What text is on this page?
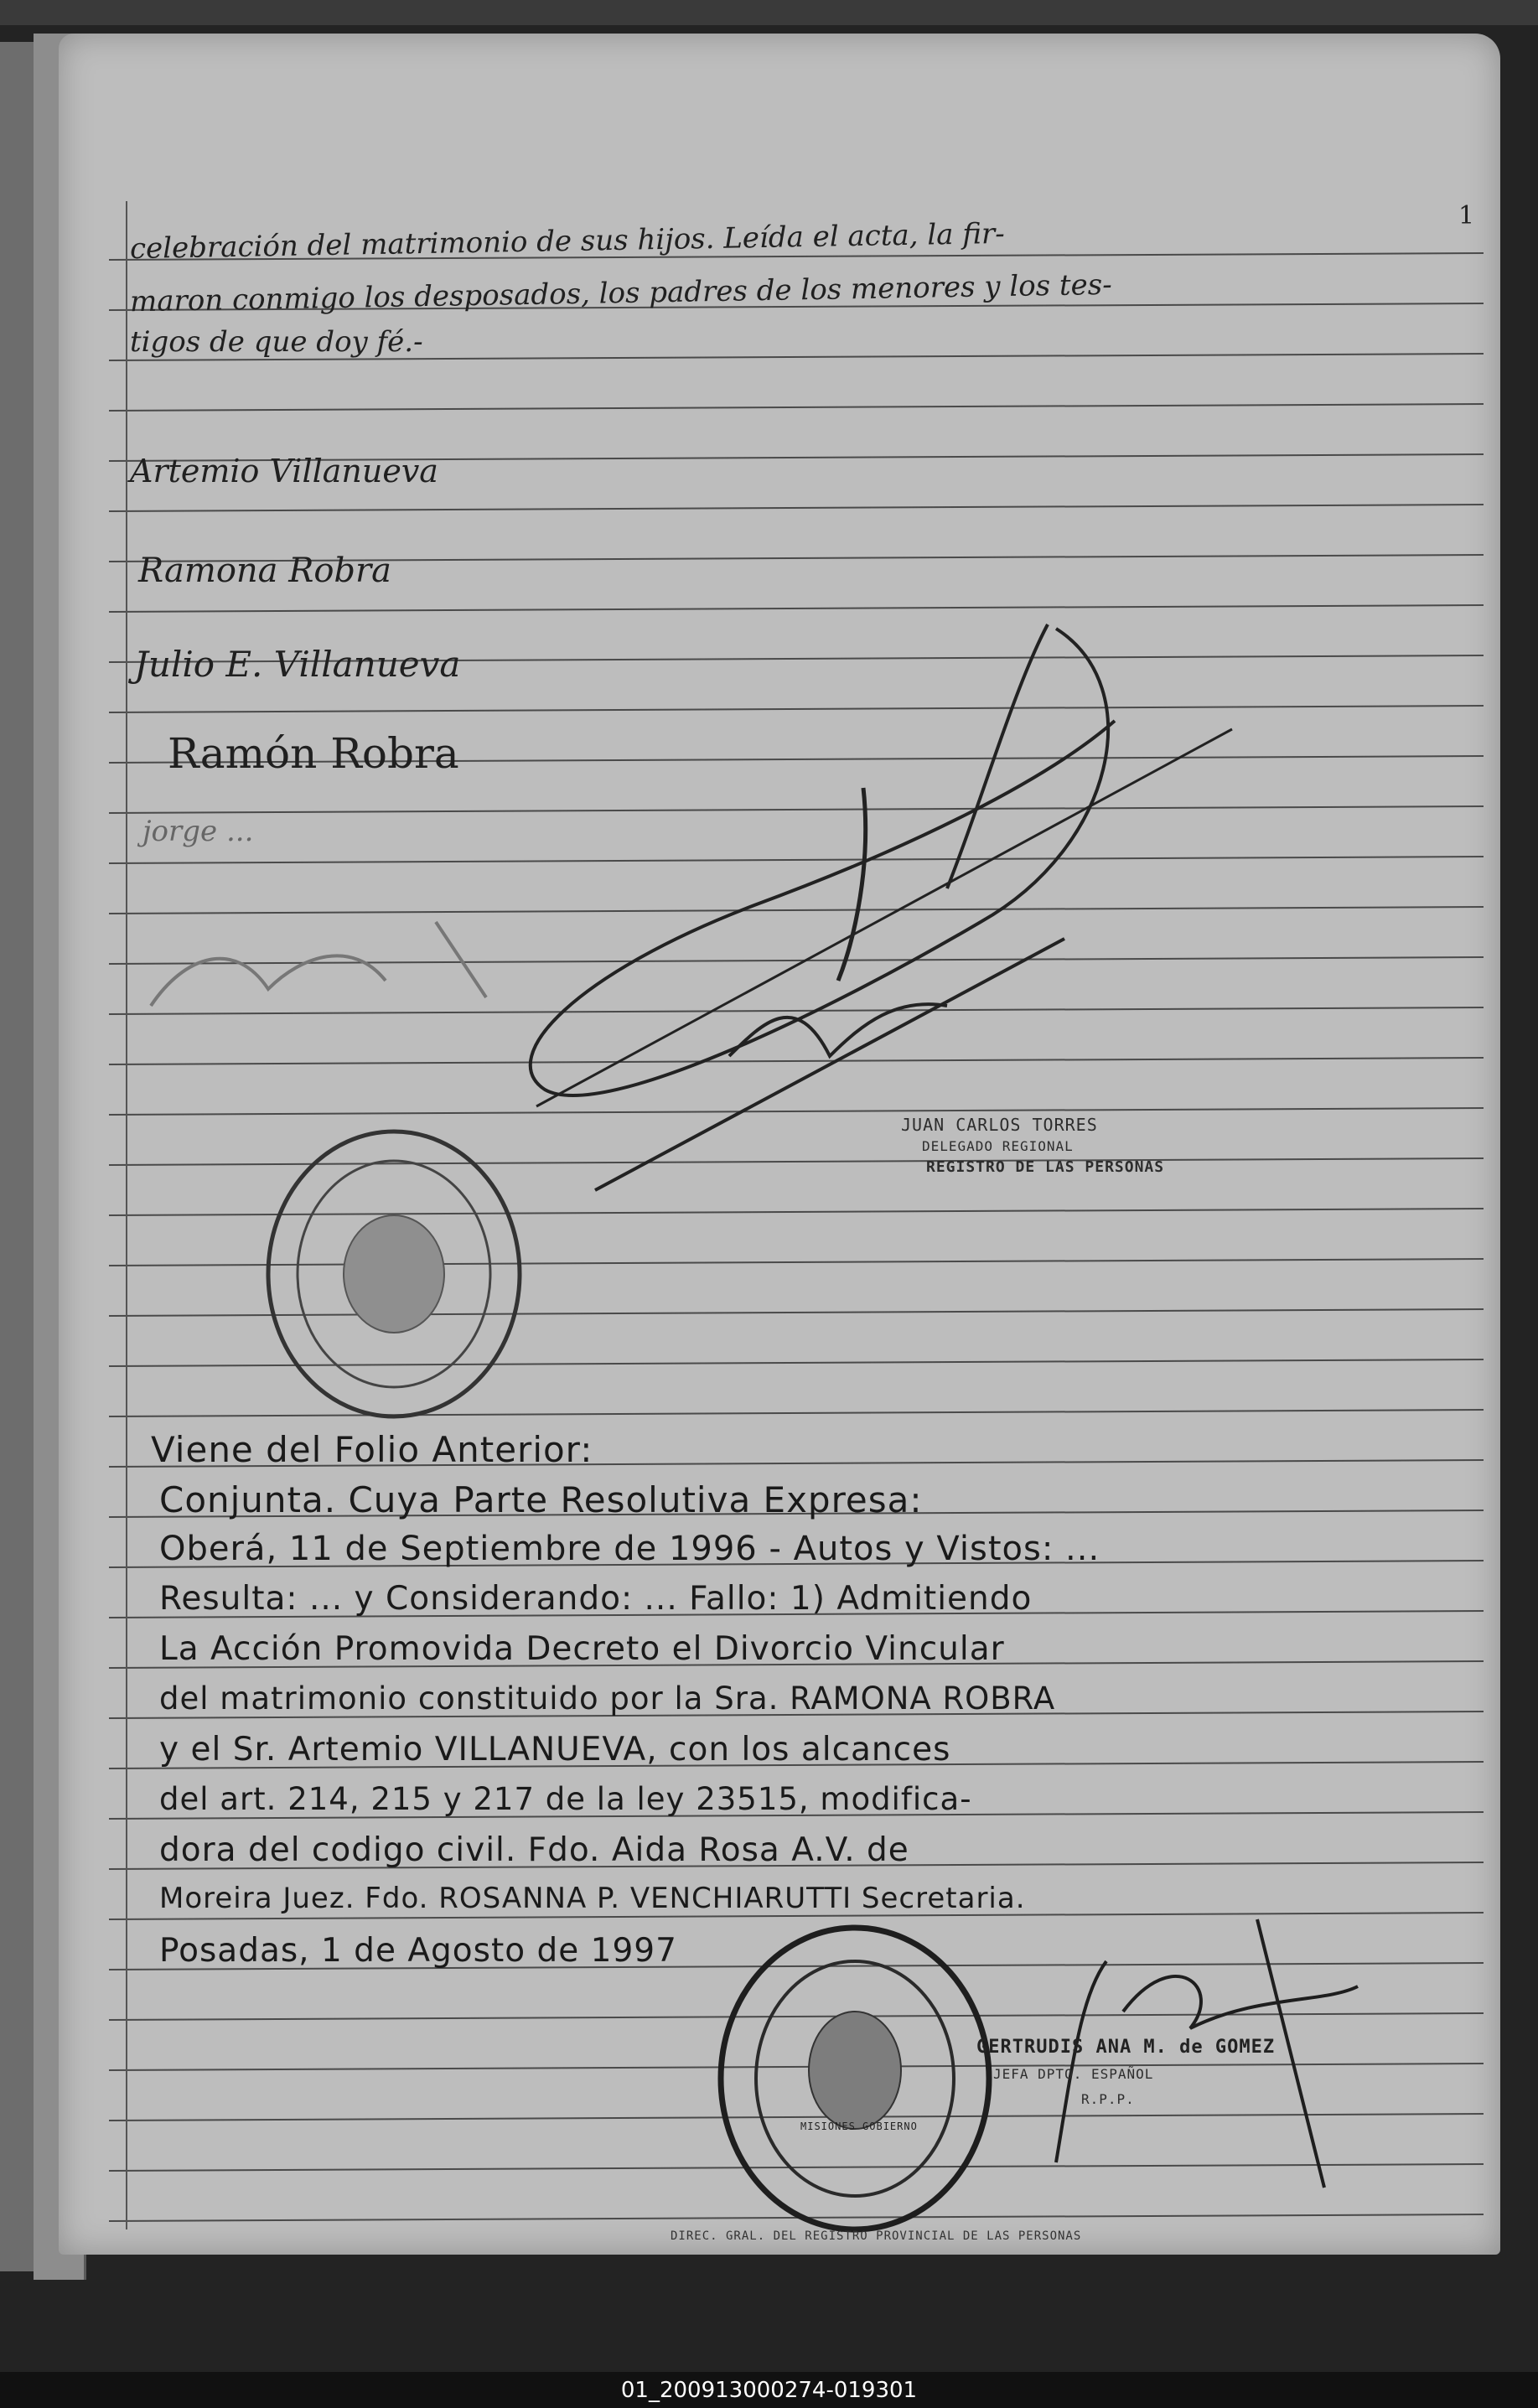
celebración del matrimonio de sus hijos. Leída el acta, la fir-
maron conmigo los desposados, los padres de los menores y los tes-
tigos de que doy fé.-
Artemio Villanueva
Ramona Robra
Julio E. Villanueva
Ramón Robra
jorge ...
JUAN CARLOS TORRES
DELEGADO REGIONAL
REGISTRO DE LAS PERSONAS
Viene del Folio Anterior:
Conjunta. Cuya Parte Resolutiva Expresa:
Oberá, 11 de Septiembre de 1996 - Autos y Vistos: ...
Resulta: ... y Considerando: ... Fallo: 1) Admitiendo
La Acción Promovida Decreto el Divorcio Vincular
del matrimonio constituido por la Sra. RAMONA ROBRA
y el Sr. Artemio VILLANUEVA, con los alcances
del art. 214, 215 y 217 de la ley 23515, modifica-
dora del codigo civil. Fdo. Aida Rosa A.V. de
Moreira Juez. Fdo. ROSANNA P. VENCHIARUTTI Secretaria.
Posadas, 1 de Agosto de 1997
DIREC. GRAL. DEL REGISTRO PROVINCIAL DE LAS PERSONAS
MISIONES GOBIERNO
GERTRUDIS ANA M. de GOMEZ
JEFA DPTO. ESPAÑOL
R.P.P.
1
01_200913000274-019301
